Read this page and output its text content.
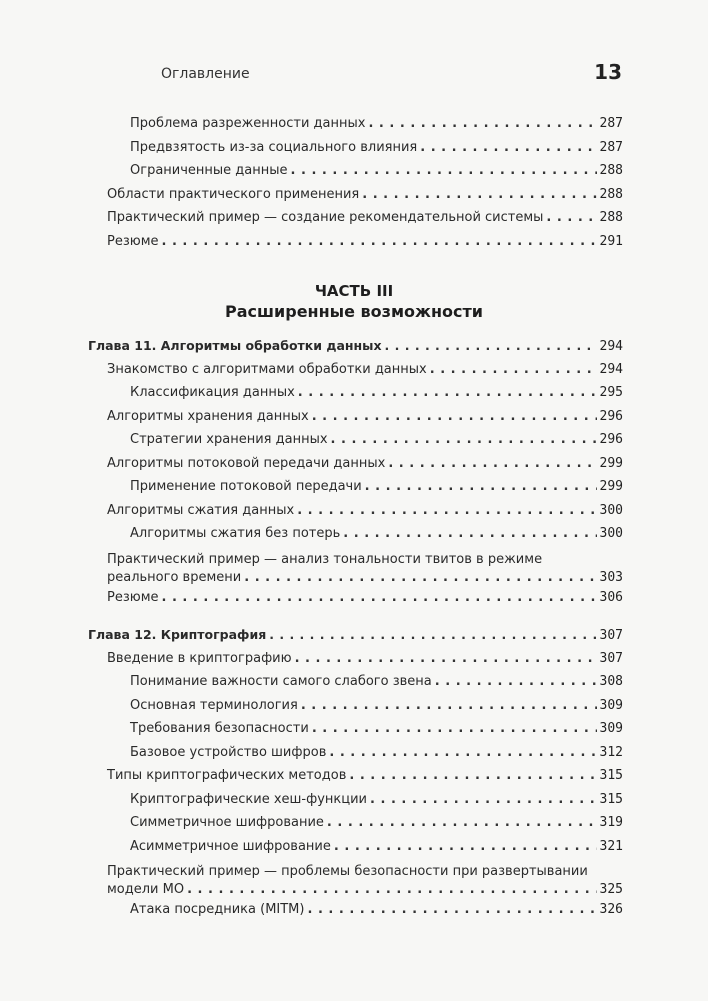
Оглавление	13
Проблема разреженности данных . . .	287
Предвзятость из-за социального влияния . . .	287
Ограниченные данные . . .	288
Области практического применения . . .	288
Практический пример — создание рекомендательной системы . . .	288
Резюме . . .	291
ЧАСТЬ III
Расширенные возможности
Глава 11. Алгоритмы обработки данных . . .	294
Знакомство с алгоритмами обработки данных . . .	294
Классификация данных . . .	295
Алгоритмы хранения данных . . .	296
Стратегии хранения данных . . .	296
Алгоритмы потоковой передачи данных . . .	299
Применение потоковой передачи . . .	299
Алгоритмы сжатия данных . . .	300
Алгоритмы сжатия без потерь . . .	300
Практический пример — анализ тональности твитов в режиме
реального времени . . .	303
Резюме . . .	306
Глава 12. Криптография . . .	307
Введение в криптографию . . .	307
Понимание важности самого слабого звена . . .	308
Основная терминология . . .	309
Требования безопасности . . .	309
Базовое устройство шифров . . .	312
Типы криптографических методов . . .	315
Криптографические хеш-функции . . .	315
Симметричное шифрование . . .	319
Асимметричное шифрование . . .	321
Практический пример — проблемы безопасности при развертывании
модели МО . . .	325
Атака посредника (MITM) . . .	326
